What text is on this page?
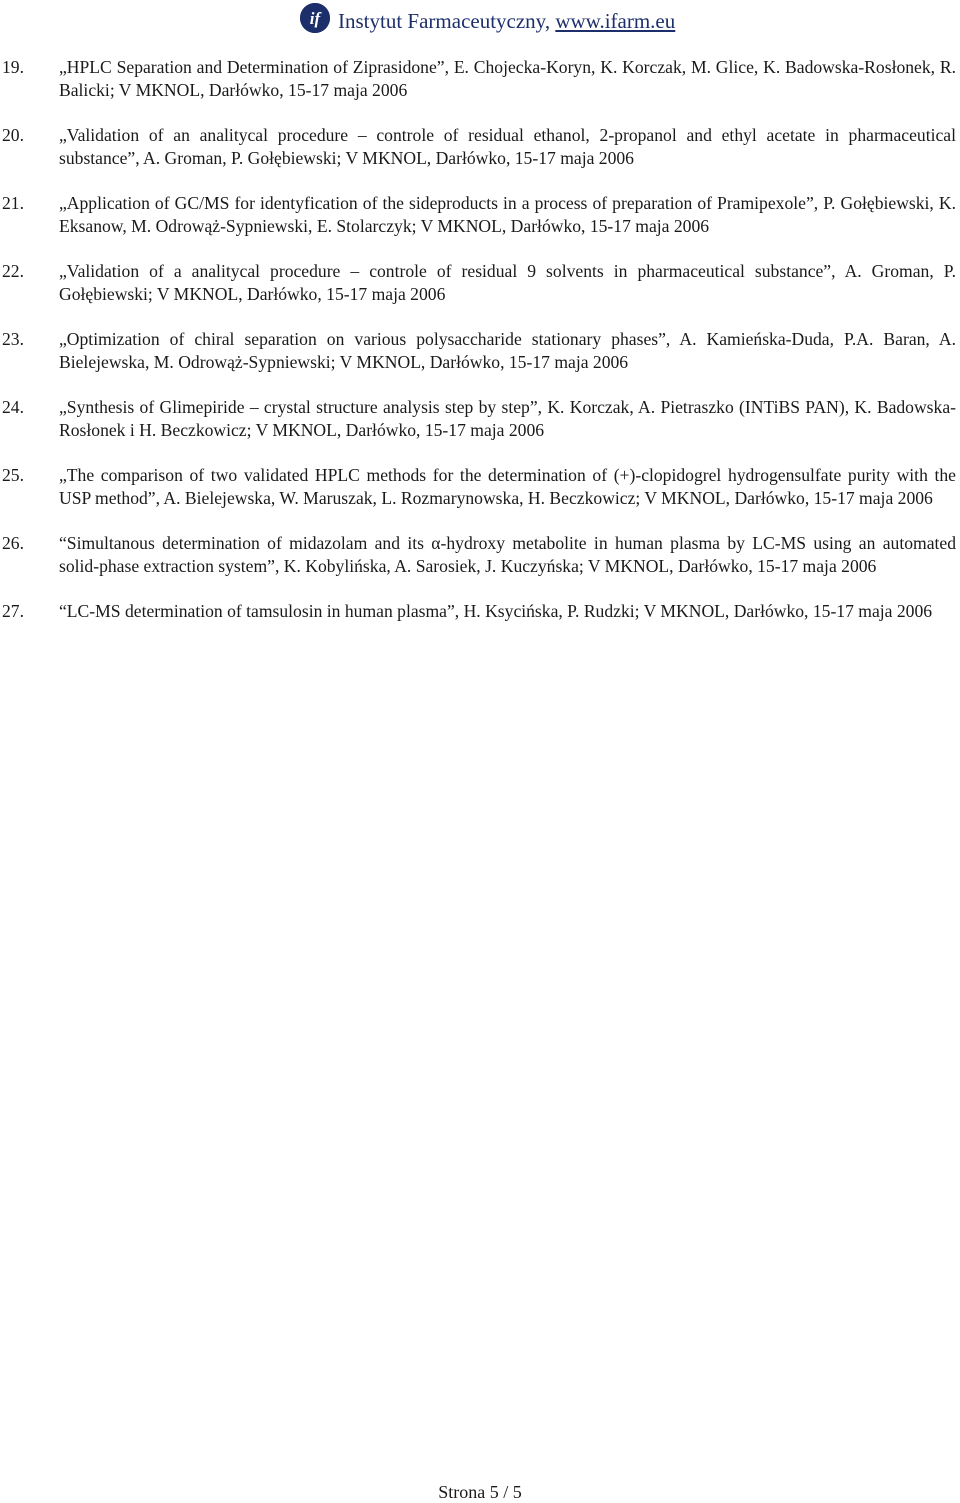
if Instytut Farmaceutyczny, www.ifarm.eu
19.	„HPLC Separation and Determination of Ziprasidone”, E. Chojecka-Koryn, K. Korczak, M. Glice, K. Badowska-Rosłonek, R. Balicki; V MKNOL, Darłówko, 15-17 maja 2006
20.	„Validation of an analitycal procedure – controle of residual ethanol, 2-propanol and ethyl acetate in pharmaceutical substance”, A. Groman, P. Gołębiewski; V MKNOL, Darłówko, 15-17 maja 2006
21.	„Application of GC/MS for identyfication of the sideproducts in a process of preparation of Pramipexole”, P. Gołębiewski, K. Eksanow, M. Odrowąż-Sypniewski, E. Stolarczyk; V MKNOL, Darłówko, 15-17 maja 2006
22.	„Validation of a analitycal procedure – controle of residual 9 solvents in pharmaceutical substance”, A. Groman, P. Gołębiewski; V MKNOL, Darłówko, 15-17 maja 2006
23.	„Optimization of chiral separation on various polysaccharide stationary phases”, A. Kamieńska-Duda, P.A. Baran, A. Bielejewska, M. Odrowąż-Sypniewski; V MKNOL, Darłówko, 15-17 maja 2006
24.	„Synthesis of Glimepiride – crystal structure analysis step by step”, K. Korczak, A. Pietraszko (INTiBS PAN), K. Badowska-Rosłonek i H. Beczkowicz; V MKNOL, Darłówko, 15-17 maja 2006
25.	„The comparison of two validated HPLC methods for the determination of (+)-clopidogrel hydrogensulfate purity with the USP method”, A. Bielejewska, W. Maruszak, L. Rozmarynowska, H. Beczkowicz; V MKNOL, Darłówko, 15-17 maja 2006
26.	“Simultanous determination of midazolam and its α-hydroxy metabolite in human plasma by LC-MS using an automated solid-phase extraction system”, K. Kobylińska, A. Sarosiek, J. Kuczyńska; V MKNOL, Darłówko, 15-17 maja 2006
27.	“LC-MS determination of tamsulosin in human plasma”, H. Ksycińska, P. Rudzki; V MKNOL, Darłówko, 15-17 maja 2006
Strona 5 / 5
